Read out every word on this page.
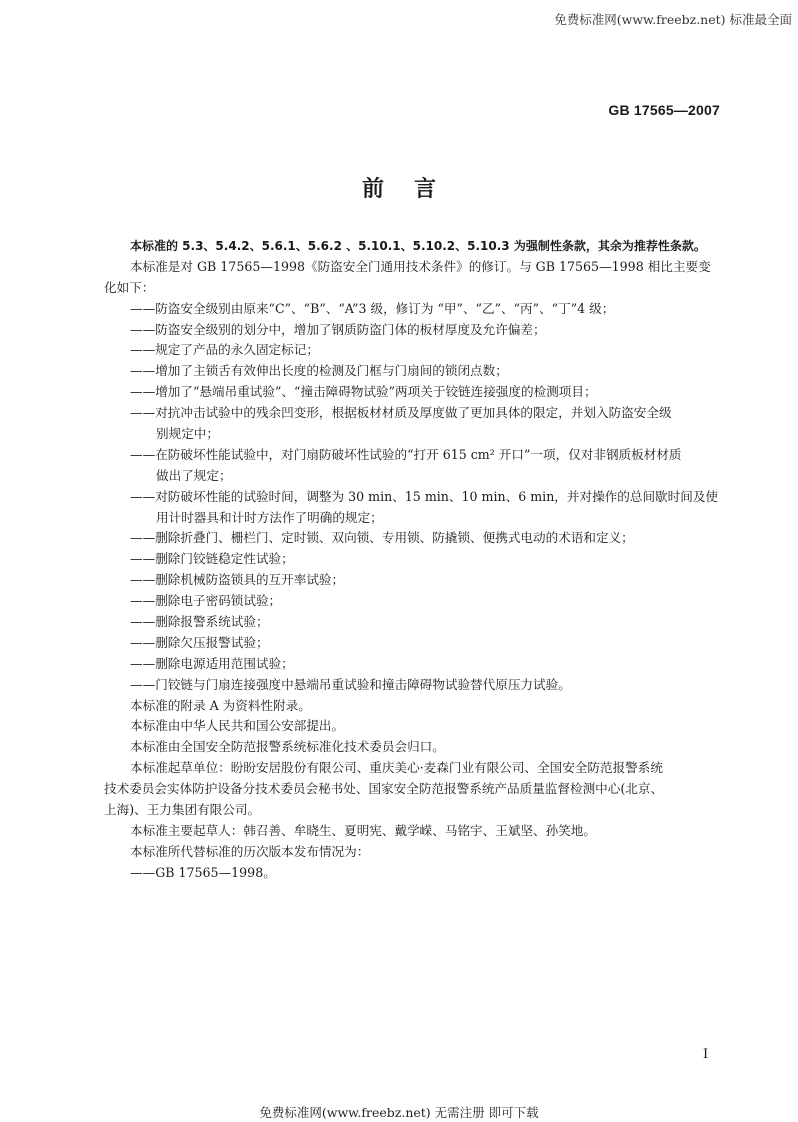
免费标准网(www.freebz.net) 标准最全面
GB 17565—2007
前言
本标准的 5.3、5.4.2、5.6.1、5.6.2 、5.10.1、5.10.2、5.10.3 为强制性条款，其余为推荐性条款。
本标准是对 GB 17565—1998《防盗安全门通用技术条件》的修订。与 GB 17565—1998 相比主要变
化如下：
——防盗安全级别由原来“C”、“B”、“A”3 级，修订为 “甲”、“乙”、“丙”、“丁”4 级；
——防盗安全级别的划分中，增加了钢质防盗门体的板材厚度及允许偏差；
——规定了产品的永久固定标记；
——增加了主锁舌有效伸出长度的检测及门框与门扇间的锁闭点数；
——增加了“悬端吊重试验”、“撞击障碍物试验”两项关于铰链连接强度的检测项目；
——对抗冲击试验中的残余凹变形，根据板材材质及厚度做了更加具体的限定，并划入防盗安全级
别规定中；
——在防破坏性能试验中，对门扇防破坏性试验的“打开 615 cm² 开口”一项，仅对非钢质板材材质
做出了规定；
——对防破坏性能的试验时间，调整为 30 min、15 min、10 min、6 min，并对操作的总间歇时间及使
用计时器具和计时方法作了明确的规定；
——删除折叠门、栅栏门、定时锁、双向锁、专用锁、防撬锁、便携式电动的术语和定义；
——删除门铰链稳定性试验；
——删除机械防盗锁具的互开率试验；
——删除电子密码锁试验；
——删除报警系统试验；
——删除欠压报警试验；
——删除电源适用范围试验；
——门铰链与门扇连接强度中悬端吊重试验和撞击障碍物试验替代原压力试验。
本标准的附录 A 为资料性附录。
本标准由中华人民共和国公安部提出。
本标准由全国安全防范报警系统标准化技术委员会归口。
本标准起草单位：盼盼安居股份有限公司、重庆美心·麦森门业有限公司、全国安全防范报警系统
技术委员会实体防护设备分技术委员会秘书处、国家安全防范报警系统产品质量监督检测中心(北京、
上海)、王力集团有限公司。
本标准主要起草人：韩召善、牟晓生、夏明宪、戴学嵘、马铭宇、王斌坚、孙笑地。
本标准所代替标准的历次版本发布情况为：
——GB 17565—1998。
I
免费标准网(www.freebz.net) 无需注册 即可下载
